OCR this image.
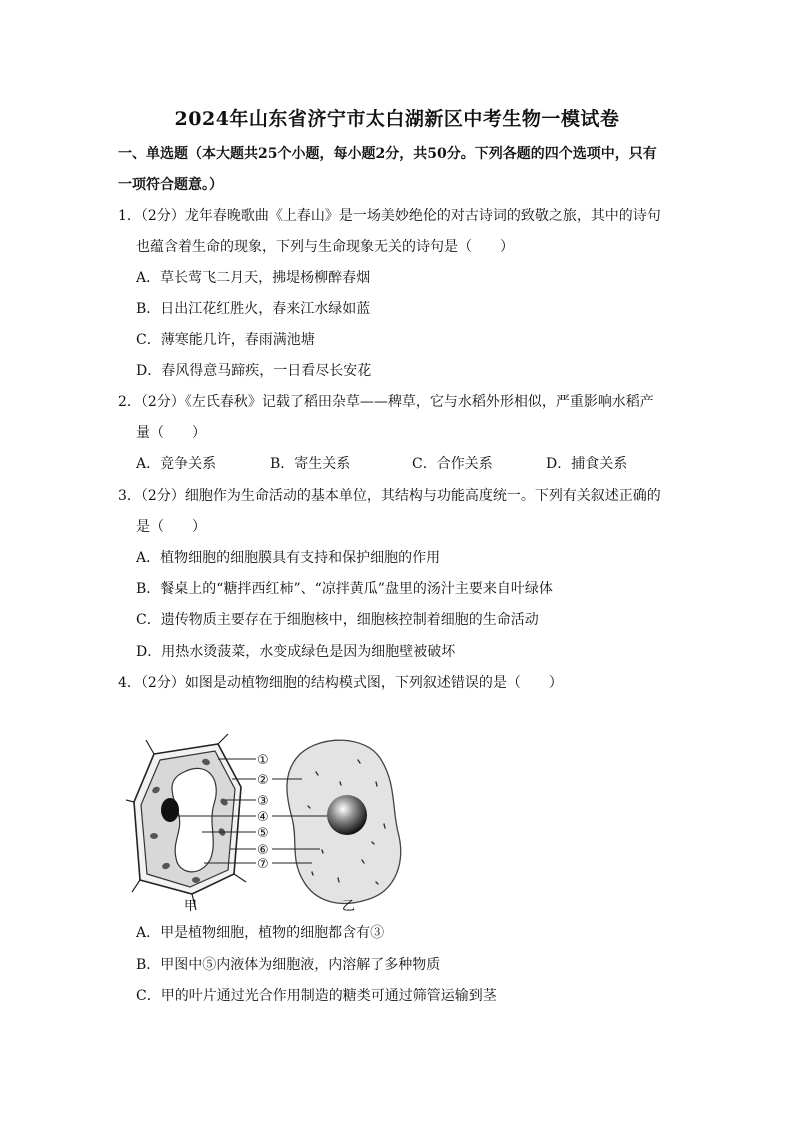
2024年山东省济宁市太白湖新区中考生物一模试卷
一、单选题（本大题共25个小题，每小题2分，共50分。下列各题的四个选项中，只有
一项符合题意。）
1．（2分）龙年春晚歌曲《上春山》是一场美妙绝伦的对古诗词的致敬之旅，其中的诗句
也蕴含着生命的现象，下列与生命现象无关的诗句是（　　）
A．草长莺飞二月天，拂堤杨柳醉春烟
B．日出江花红胜火，春来江水绿如蓝
C．薄寒能几许，春雨满池塘
D．春风得意马蹄疾，一日看尽长安花
2．（2分）《左氏春秋》记载了稻田杂草——稗草，它与水稻外形相似，严重影响水稻产
量（　　）
A．竞争关系	B．寄生关系	C．合作关系	D．捕食关系
3．（2分）细胞作为生命活动的基本单位，其结构与功能高度统一。下列有关叙述正确的
是（　　）
A．植物细胞的细胞膜具有支持和保护细胞的作用
B．餐桌上的“糖拌西红柿”、“凉拌黄瓜”盘里的汤汁主要来自叶绿体
C．遗传物质主要存在于细胞核中，细胞核控制着细胞的生命活动
D．用热水烫菠菜，水变成绿色是因为细胞壁被破坏
4．（2分）如图是动植物细胞的结构模式图，下列叙述错误的是（　　）
①
②
③
④
⑤
⑥
⑦
甲	乙
A．甲是植物细胞，植物的细胞都含有③
B．甲图中⑤内液体为细胞液，内溶解了多种物质
C．甲的叶片通过光合作用制造的糖类可通过筛管运输到茎
